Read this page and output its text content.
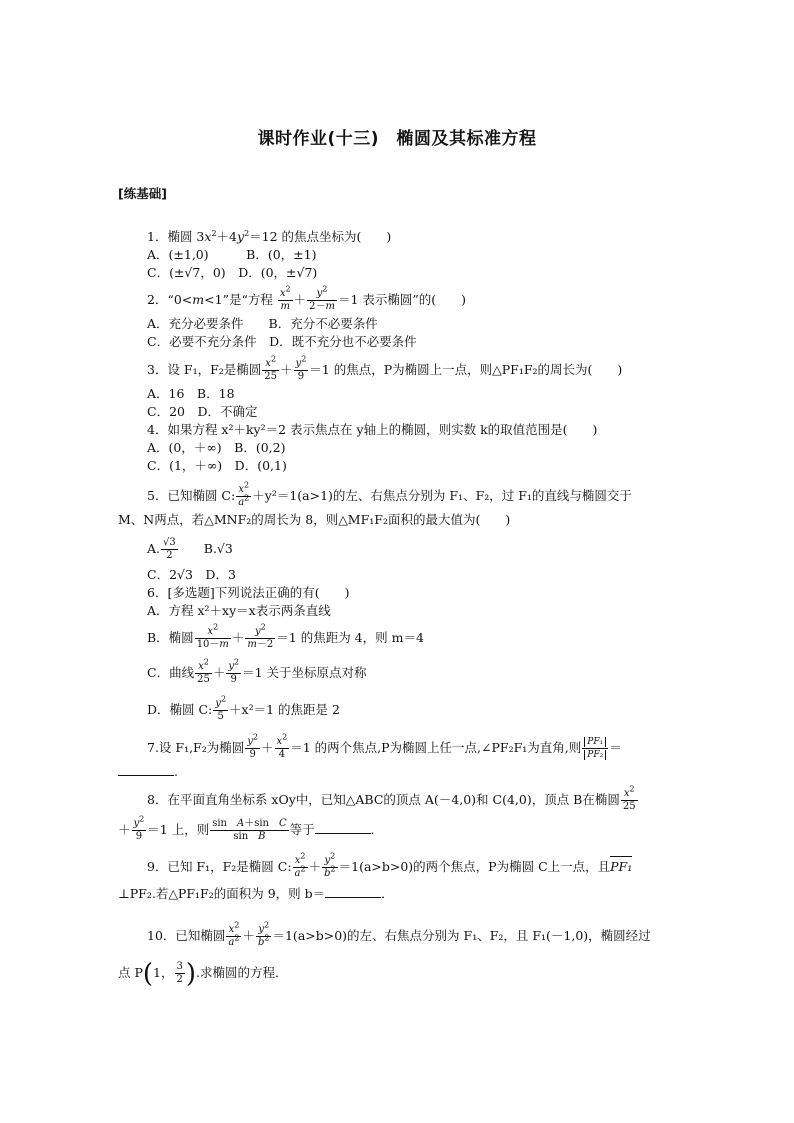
课时作业(十三)　椭圆及其标准方程
[练基础]
1．椭圆 $3x^2+4y^2=12$ 的焦点坐标为(　　)
A．(±1,0)　　　	B．(0，±1)
C．(±√7，0)　 D．(0，±√7)
2．“0<m<1”是“方程 $\frac{x^2}{m} + \frac{y^2}{2-m} =1$ 表示椭圆”的(　　)
A．充分必要条件　　 B．充分不必要条件
C．必要不充分条件　 D．既不充分也不必要条件
3．设 F₁，F₂是椭圆 $\frac{x^2}{25} + \frac{y^2}{9} =1$ 的焦点，P为椭圆上一点，则△PF₁F₂的周长为(　　)
A．16　B．18
C．20　D．不确定
4．如果方程 x²＋ky²＝2 表示焦点在 y轴上的椭圆，则实数 k的取值范围是(　　)
A．(0，＋∞)　B．(0,2)
C．(1，＋∞)　D．(0,1)
5．已知椭圆 C: $\frac{x^2}{a^2} +y^2=1(a>1)$的左、右焦点分别为 F₁、F₂，过 F₁的直线与椭圆交于
M、N两点，若△MNF₂的周长为 8，则△MF₁F₂面积的最大值为(　　)
A. $\frac{√3}{2}$
　　 B.√3
C．2√3　D．3
6．[多选题]下列说法正确的有(　　)
A．方程 x²＋xy＝x表示两条直线
B．椭圆 $\frac{x^2}{10-m} + \frac{y^2}{m-2} =1$ 的焦距为 4，则 m＝4
C．曲线 $\frac{x^2}{25} + \frac{y^2}{9} =1$ 关于坐标原点对称
D．椭圆 C: $\frac{y^2}{5} +x^2=1$ 的焦距是 2
7.设 F₁,F₂为椭圆 $\frac{y^2}{9} + \frac{x^2}{4} =1$ 的两个焦点,P为椭圆上任一点,∠PF₂F₁为直角,则 $\frac{\text{PF₁}}{\text{PF₂}}$ ＝
.
8．在平面直角坐标系 xOy中，已知△ABC的顶点 A(－4,0)和 C(4,0)，顶点 B在椭圆 $\frac{x^2}{25}$
＋ $\frac{y^2}{9} =1$ 上，则 $\frac{\text{sin　A＋sin　C}}{\text{sin　B}}$ 等于	．
9．已知 F₁，F₂是椭圆 C: $\frac{x^2}{a^2} + \frac{y^2}{b^2} =1(a>b>0)$的两个焦点，P为椭圆 C上一点，且PF₁
⊥PF₂.若△PF₁F₂的面积为 9，则 b＝	．
10．已知椭圆 $\frac{x^2}{a^2} + \frac{y^2}{b^2} =1(a>b>0)$的左、右焦点分别为 F₁、F₂，且 F₁(－1,0)，椭圆经过
点 P(1， $\frac{3}{2}$ ).求椭圆的方程．
